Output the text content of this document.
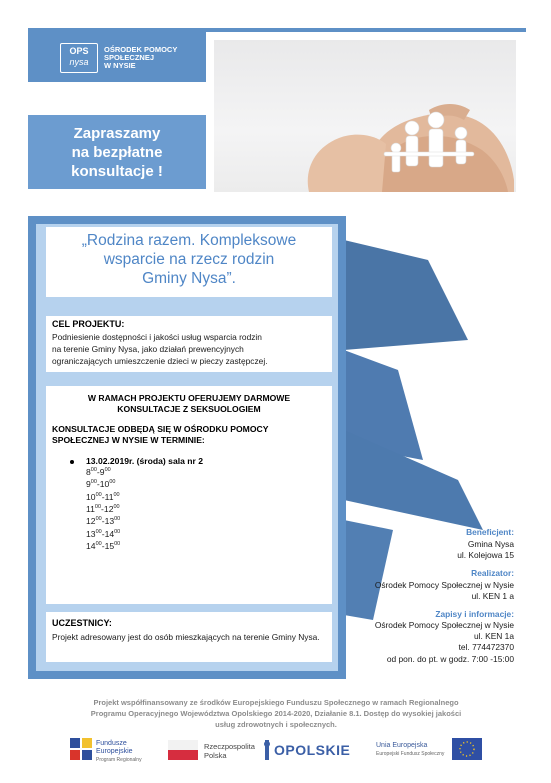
OPS
nysa
OŚRODEK POMOCY
SPOŁECZNEJ
W NYSIE
Zapraszamy
na bezpłatne
konsultacje !
„Rodzina razem. Kompleksowe
wsparcie na rzecz rodzin
Gminy Nysa”.
CEL PROJEKTU:
Podniesienie dostępności i jakości usług wsparcia rodzin
na terenie Gminy Nysa, jako działań prewencyjnych
ograniczających umieszczenie dzieci w pieczy zastępczej.
W RAMACH PROJEKTU OFERUJEMY DARMOWE
KONSULTACJE Z SEKSUOLOGIEM
KONSULTACJE ODBĘDĄ SIĘ W OŚRODKU POMOCY
SPOŁECZNEJ W NYSIE W TERMINIE:
13.02.2019r. (środa) sala nr 2
$8^{00}-9^{00}$
$9^{00}-10^{00}$
$10^{00}-11^{00}$
$11^{00}-12^{00}$
$12^{00}-13^{00}$
$13^{00}-14^{00}$
$14^{00}-15^{00}$
UCZESTNICY:
Projekt adresowany jest do osób mieszkających na terenie Gminy Nysa.
Beneficjent:
Gmina Nysa
ul. Kolejowa 15
Realizator:
Ośrodek Pomocy Społecznej w Nysie
ul. KEN 1 a
Zapisy i informacje:
Ośrodek Pomocy Społecznej w Nysie
ul. KEN 1a
tel. 774472370
od pon. do pt. w godz. 7:00 -15:00
Projekt współfinansowany ze środków Europejskiego Funduszu Społecznego w ramach Regionalnego
Programu Operacyjnego Województwa Opolskiego 2014-2020, Działanie 8.1. Dostęp do wysokiej jakości
usług zdrowotnych i społecznych.
Fundusze
Europejskie
Program Regionalny
Rzeczpospolita
Polska	OPOLSKIE	Unia Europejska
Europejski Fundusz Społeczny
